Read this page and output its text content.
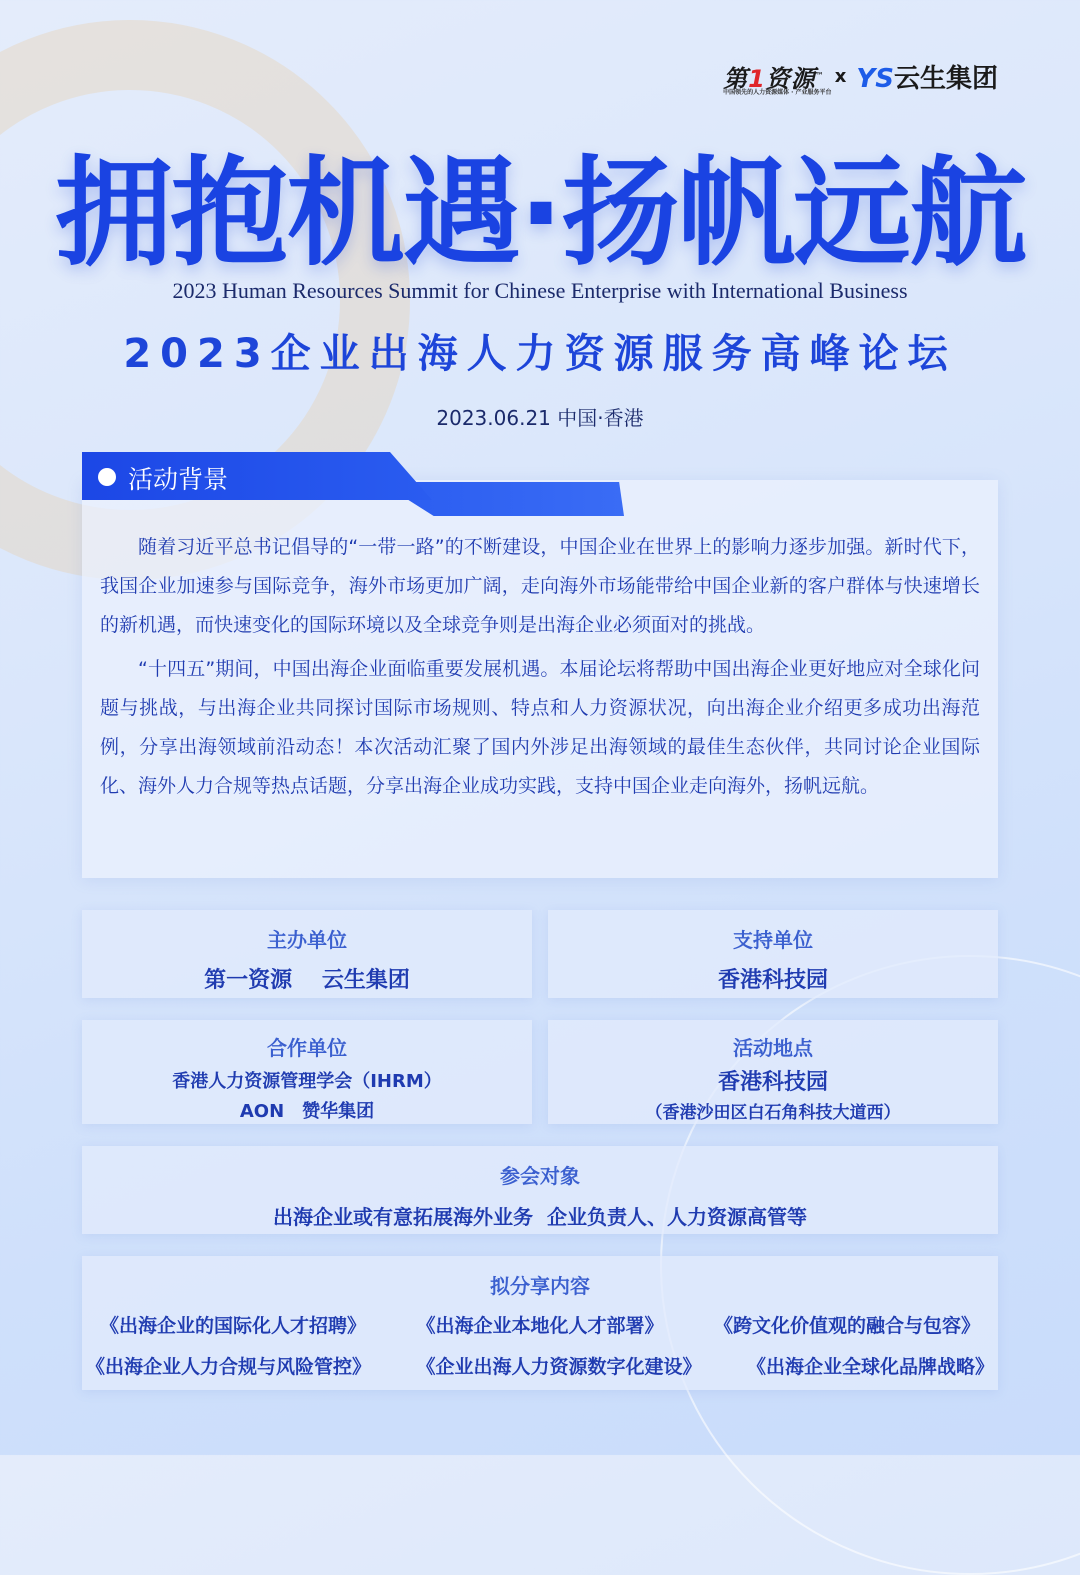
第1资源™
中国领先的人力资源媒体 · 产业服务平台
x YS云生集团
拥抱机遇·扬帆远航
2023 Human Resources Summit for Chinese Enterprise with International Business
2023企业出海人力资源服务高峰论坛
2023.06.21 中国·香港
活动背景

随着习近平总书记倡导的“一带一路”的不断建设，中国企业在世界上的影响力逐步加强。新时代下，我国企业加速参与国际竞争，海外市场更加广阔，走向海外市场能带给中国企业新的客户群体与快速增长的新机遇，而快速变化的国际环境以及全球竞争则是出海企业必须面对的挑战。

“十四五”期间，中国出海企业面临重要发展机遇。本届论坛将帮助中国出海企业更好地应对全球化问题与挑战，与出海企业共同探讨国际市场规则、特点和人力资源状况，向出海企业介绍更多成功出海范例，分享出海领域前沿动态！本次活动汇聚了国内外涉足出海领域的最佳生态伙伴，共同讨论企业国际化、海外人力合规等热点话题，分享出海企业成功实践，支持中国企业走向海外，扬帆远航。

主办单位
第一资源　 云生集团
支持单位
香港科技园
合作单位
香港人力资源管理学会（IHRM）
AON　赞华集团
活动地点
香港科技园
（香港沙田区白石角科技大道西）
参会对象
出海企业或有意拓展海外业务  企业负责人、人力资源高管等
拟分享内容
《出海企业的国际化人才招聘》	《出海企业本地化人才部署》	《跨文化价值观的融合与包容》
《出海企业人力合规与风险管控》 《企业出海人力资源数字化建设》 《出海企业全球化品牌战略》
